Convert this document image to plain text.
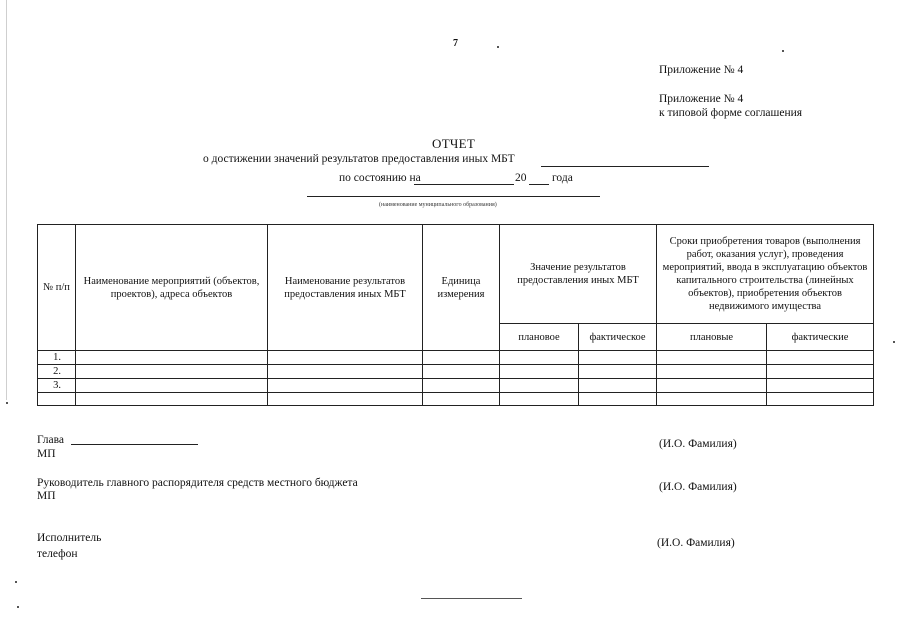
7
Приложение № 4
Приложение № 4
к типовой форме соглашения
ОТЧЕТ
о достижении значений результатов предоставления иных МБТ
по состоянию на	20 года
(наименование муниципального образования)
№ п/п	Наименование мероприятий (объектов, проектов), адреса объектов	Наименование результатов предоставления иных МБТ	Единица измерения	Значение результатов предоставления иных МБТ		Сроки приобретения товаров (выполнения работ, оказания услуг), проведения мероприятий, ввода в эксплуатацию объектов капитального строительства (линейных объектов), приобретения объектов недвижимого имущества	
				плановое	фактическое	плановые	фактические
1.							
2.							
3.							

Глава
МП
(И.О. Фамилия)
Руководитель главного распорядителя средств местного бюджета
МП
(И.О. Фамилия)
Исполнитель
телефон
(И.О. Фамилия)
